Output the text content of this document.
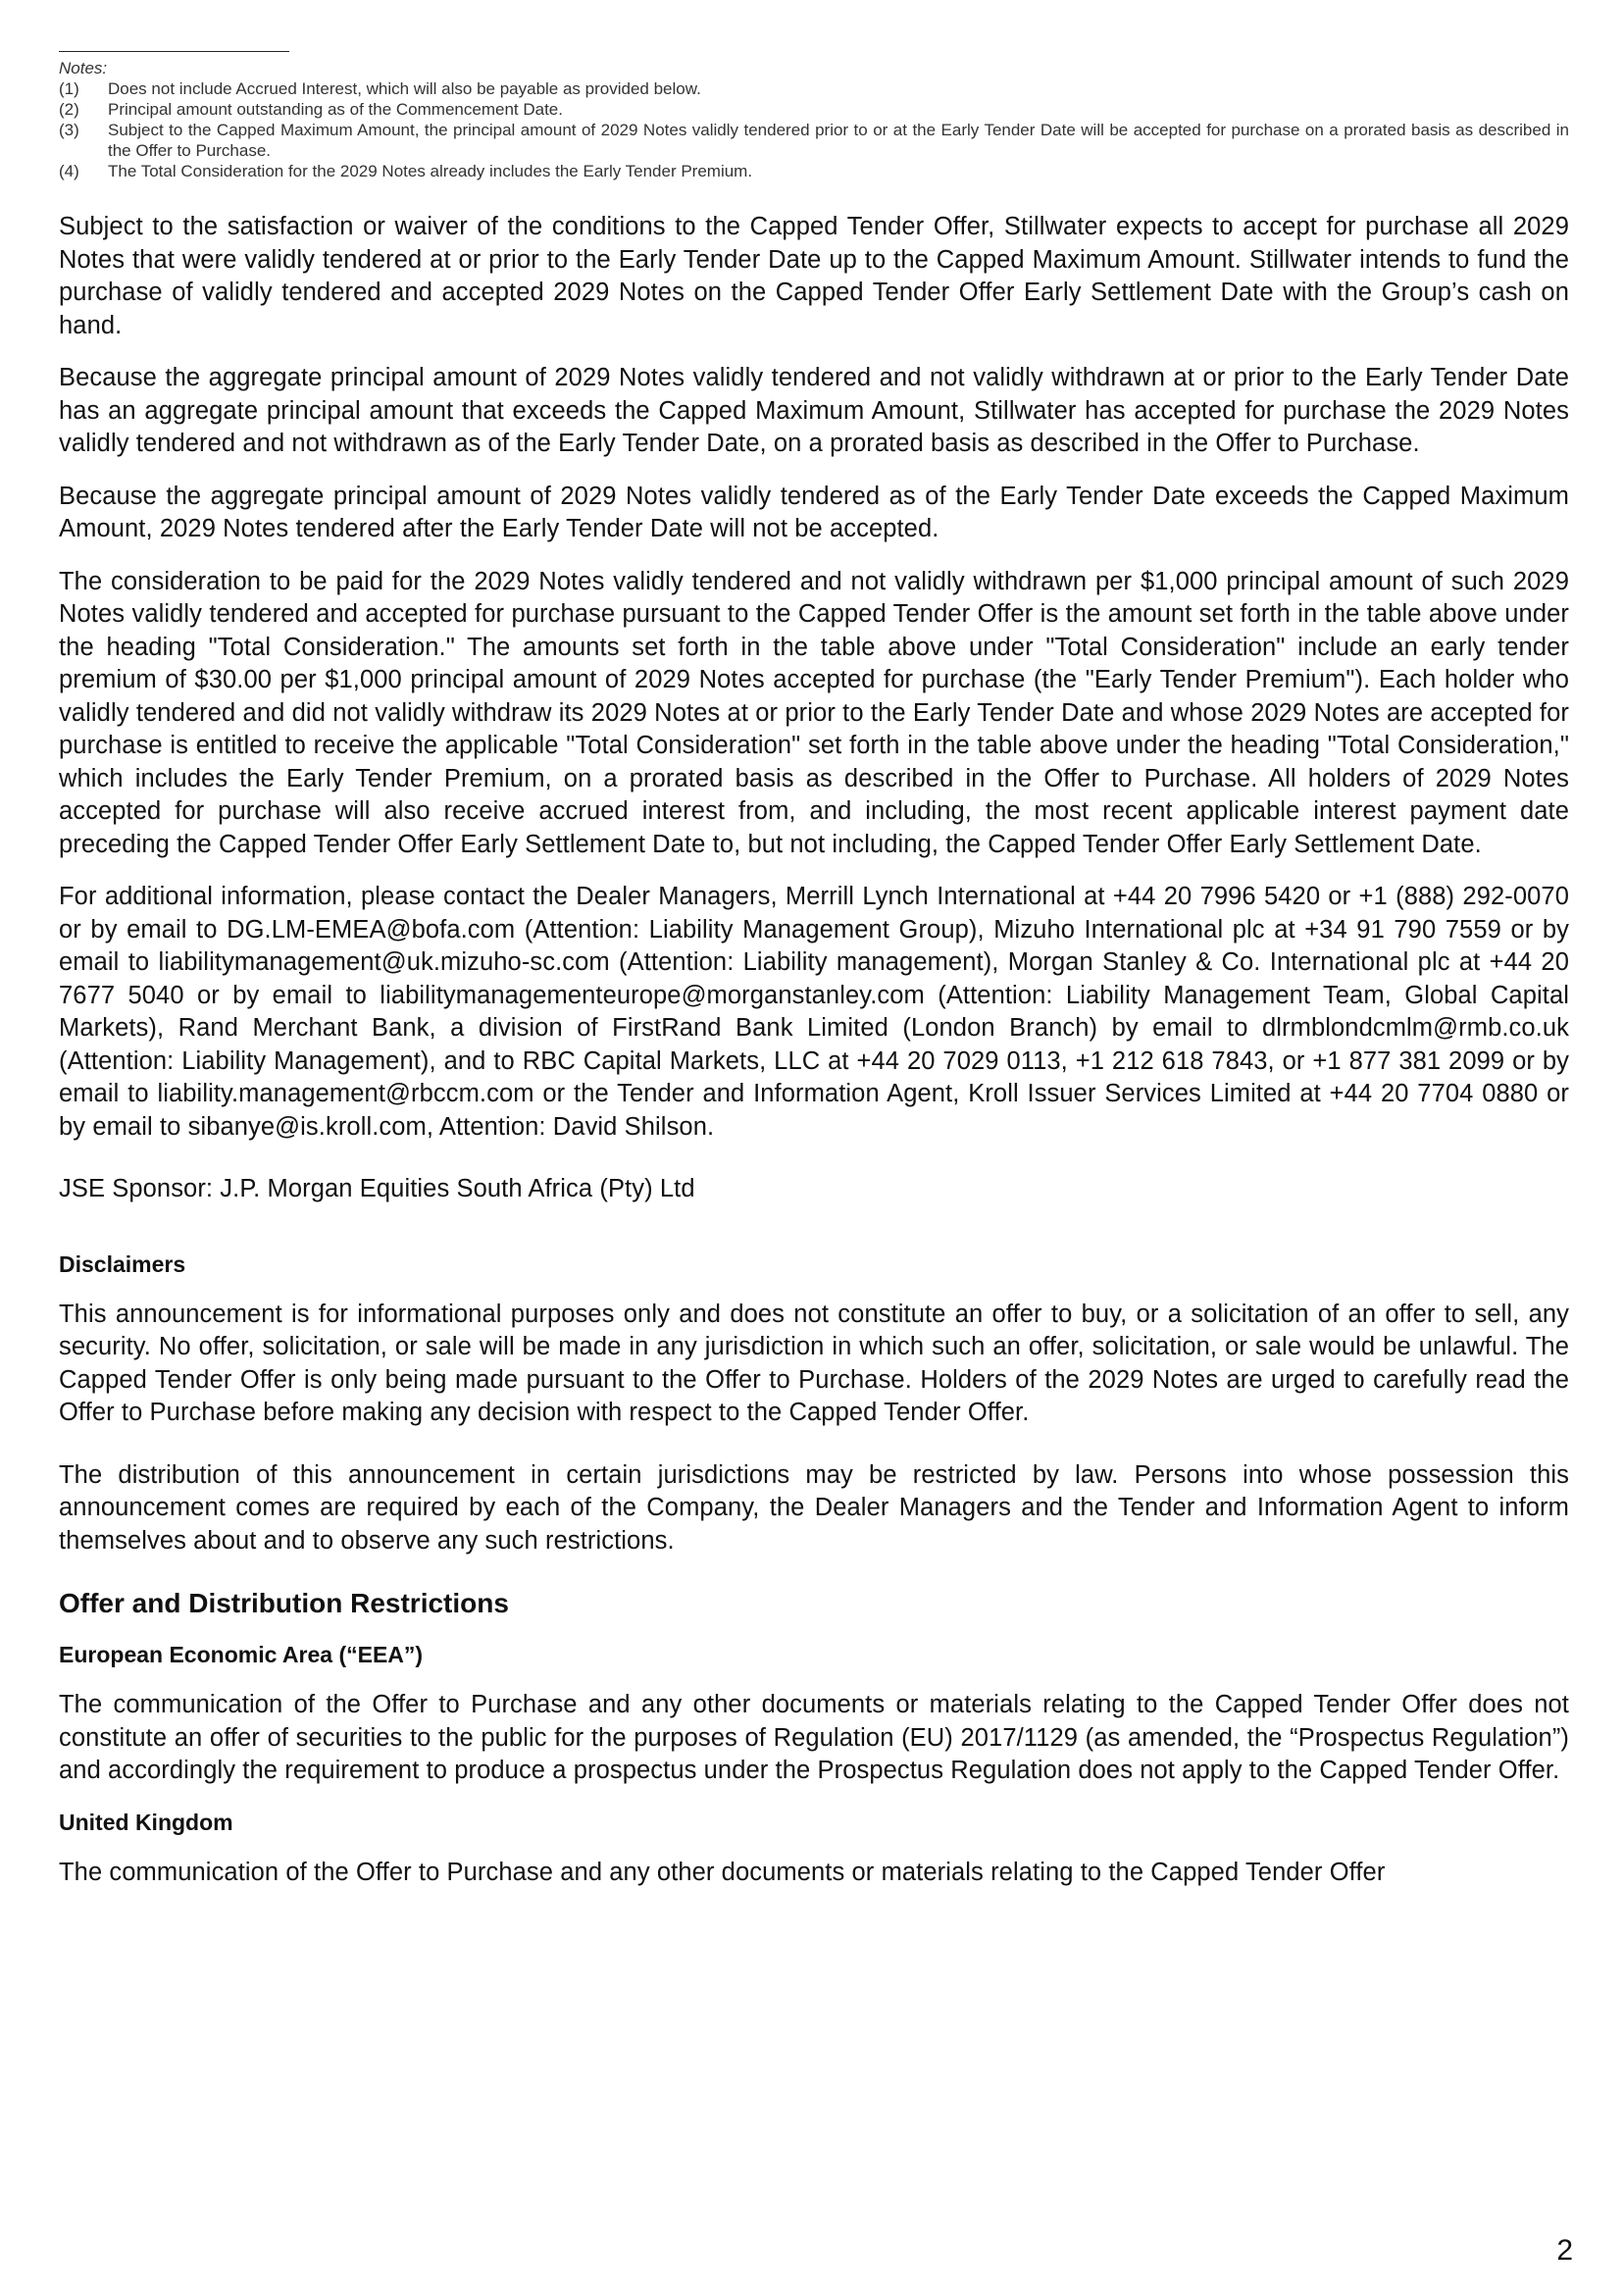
Notes:
(1)	Does not include Accrued Interest, which will also be payable as provided below.
(2)	Principal amount outstanding as of the Commencement Date.
(3)	Subject to the Capped Maximum Amount, the principal amount of 2029 Notes validly tendered prior to or at the Early Tender Date will be accepted for purchase on a prorated basis as described in the Offer to Purchase.
(4)	The Total Consideration for the 2029 Notes already includes the Early Tender Premium.

Subject to the satisfaction or waiver of the conditions to the Capped Tender Offer, Stillwater expects to accept for purchase all 2029 Notes that were validly tendered at or prior to the Early Tender Date up to the Capped Maximum Amount. Stillwater intends to fund the purchase of validly tendered and accepted 2029 Notes on the Capped Tender Offer Early Settlement Date with the Group’s cash on hand.

Because the aggregate principal amount of 2029 Notes validly tendered and not validly withdrawn at or prior to the Early Tender Date has an aggregate principal amount that exceeds the Capped Maximum Amount, Stillwater has accepted for purchase the 2029 Notes validly tendered and not withdrawn as of the Early Tender Date, on a prorated basis as described in the Offer to Purchase.

Because the aggregate principal amount of 2029 Notes validly tendered as of the Early Tender Date exceeds the Capped Maximum Amount, 2029 Notes tendered after the Early Tender Date will not be accepted.

The consideration to be paid for the 2029 Notes validly tendered and not validly withdrawn per $1,000 principal amount of such 2029 Notes validly tendered and accepted for purchase pursuant to the Capped Tender Offer is the amount set forth in the table above under the heading "Total Consideration." The amounts set forth in the table above under "Total Consideration" include an early tender premium of $30.00 per $1,000 principal amount of 2029 Notes accepted for purchase (the "Early Tender Premium"). Each holder who validly tendered and did not validly withdraw its 2029 Notes at or prior to the Early Tender Date and whose 2029 Notes are accepted for purchase is entitled to receive the applicable "Total Consideration" set forth in the table above under the heading "Total Consideration," which includes the Early Tender Premium, on a prorated basis as described in the Offer to Purchase. All holders of 2029 Notes accepted for purchase will also receive accrued interest from, and including, the most recent applicable interest payment date preceding the Capped Tender Offer Early Settlement Date to, but not including, the Capped Tender Offer Early Settlement Date.

For additional information, please contact the Dealer Managers, Merrill Lynch International at +44 20 7996 5420 or +1 (888) 292-0070 or by email to DG.LM-EMEA@bofa.com (Attention: Liability Management Group), Mizuho International plc at +34 91 790 7559 or by email to liabilitymanagement@uk.mizuho-sc.com (Attention: Liability management), Morgan Stanley & Co. International plc at +44 20 7677 5040 or by email to liabilitymanagementeurope@morganstanley.com (Attention: Liability Management Team, Global Capital Markets), Rand Merchant Bank, a division of FirstRand Bank Limited (London Branch) by email to dlrmblondcmlm@rmb.co.uk (Attention: Liability Management), and to RBC Capital Markets, LLC at +44 20 7029 0113, +1 212 618 7843, or +1 877 381 2099 or by email to liability.management@rbccm.com or the Tender and Information Agent, Kroll Issuer Services Limited at +44 20 7704 0880 or by email to sibanye@is.kroll.com, Attention: David Shilson.

JSE Sponsor: J.P. Morgan Equities South Africa (Pty) Ltd

Disclaimers

This announcement is for informational purposes only and does not constitute an offer to buy, or a solicitation of an offer to sell, any security. No offer, solicitation, or sale will be made in any jurisdiction in which such an offer, solicitation, or sale would be unlawful. The Capped Tender Offer is only being made pursuant to the Offer to Purchase. Holders of the 2029 Notes are urged to carefully read the Offer to Purchase before making any decision with respect to the Capped Tender Offer.

The distribution of this announcement in certain jurisdictions may be restricted by law. Persons into whose possession this announcement comes are required by each of the Company, the Dealer Managers and the Tender and Information Agent to inform themselves about and to observe any such restrictions.

Offer and Distribution Restrictions
European Economic Area (“EEA”)

The communication of the Offer to Purchase and any other documents or materials relating to the Capped Tender Offer does not constitute an offer of securities to the public for the purposes of Regulation (EU) 2017/1129 (as amended, the “Prospectus Regulation”) and accordingly the requirement to produce a prospectus under the Prospectus Regulation does not apply to the Capped Tender Offer.

United Kingdom

The communication of the Offer to Purchase and any other documents or materials relating to the Capped Tender Offer

2
